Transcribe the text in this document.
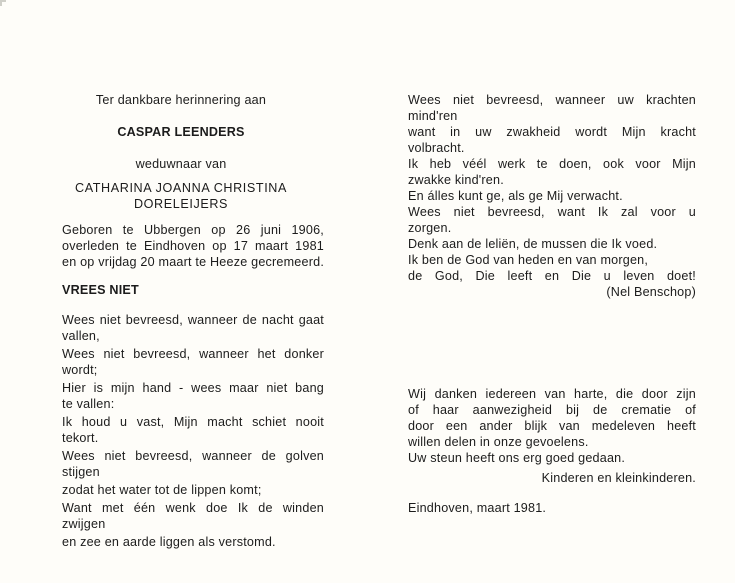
Ter dankbare herinnering aan

CASPAR LEENDERS

weduwnaar van

CATHARINA JOANNA CHRISTINA

DORELEIJERS

Geboren te Ubbergen op 26 juni 1906,

overleden te Eindhoven op 17 maart 1981

en op vrijdag 20 maart te Heeze gecremeerd.

VREES NIET

Wees niet bevreesd, wanneer de nacht gaat

vallen,

Wees niet bevreesd, wanneer het donker

wordt;

Hier is mijn hand - wees maar niet bang

te vallen:

Ik houd u vast, Mijn macht schiet nooit

tekort.

Wees niet bevreesd, wanneer de golven

stijgen

zodat het water tot de lippen komt;

Want met één wenk doe Ik de winden

zwijgen

en zee en aarde liggen als verstomd.

Wees niet bevreesd, wanneer uw krachten

mind'ren

want in uw zwakheid wordt Mijn kracht

volbracht.

Ik heb véél werk te doen, ook voor Mijn

zwakke kind'ren.

En álles kunt ge, als ge Mij verwacht.

Wees niet bevreesd, want Ik zal voor u

zorgen.

Denk aan de leliën, de mussen die Ik voed.

Ik ben de God van heden en van morgen,

de God, Die leeft en Die u leven doet!

(Nel Benschop)

Wij danken iedereen van harte, die door zijn

of haar aanwezigheid bij de crematie of

door een ander blijk van medeleven heeft

willen delen in onze gevoelens.

Uw steun heeft ons erg goed gedaan.

Kinderen en kleinkinderen.

Eindhoven, maart 1981.
